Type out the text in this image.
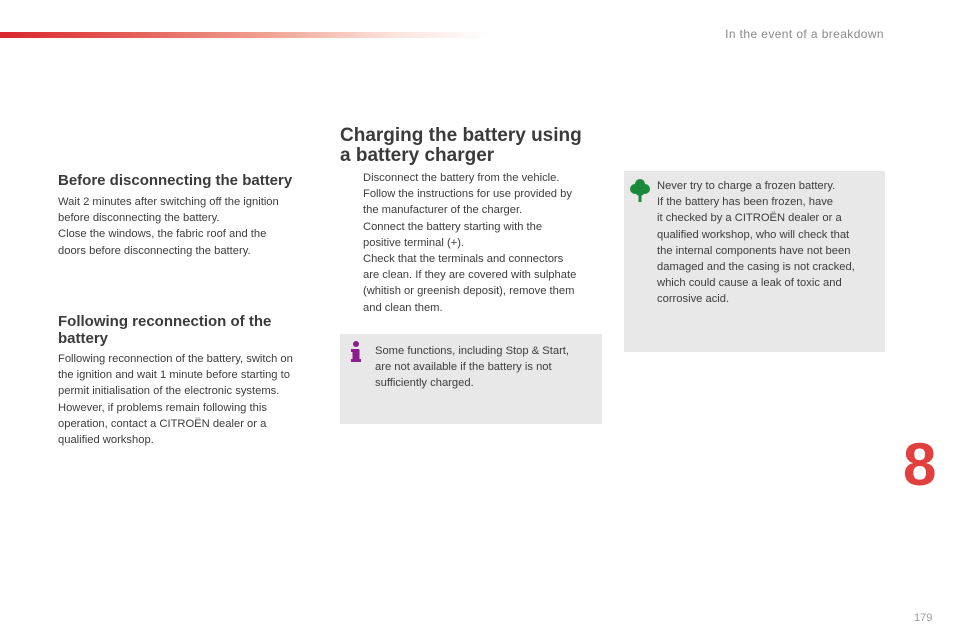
In the event of a breakdown
Before disconnecting the battery

Wait 2 minutes after switching off the ignition
before disconnecting the battery.
Close the windows, the fabric roof and the
doors before disconnecting the battery.

Following reconnection of the
battery

Following reconnection of the battery, switch on
the ignition and wait 1 minute before starting to
permit initialisation of the electronic systems.
However, if problems remain following this
operation, contact a CITROËN dealer or a
qualified workshop.

Charging the battery using
a battery charger
Disconnect the battery from the vehicle.
Follow the instructions for use provided by
the manufacturer of the charger.
Connect the battery starting with the
positive terminal (+).
Check that the terminals and connectors
are clean. If they are covered with sulphate
(whitish or greenish deposit), remove them
and clean them.

Some functions, including Stop & Start,
are not available if the battery is not
sufficiently charged.

Never try to charge a frozen battery.
If the battery has been frozen, have
it checked by a CITROËN dealer or a
qualified workshop, who will check that
the internal components have not been
damaged and the casing is not cracked,
which could cause a leak of toxic and
corrosive acid.

8
179
